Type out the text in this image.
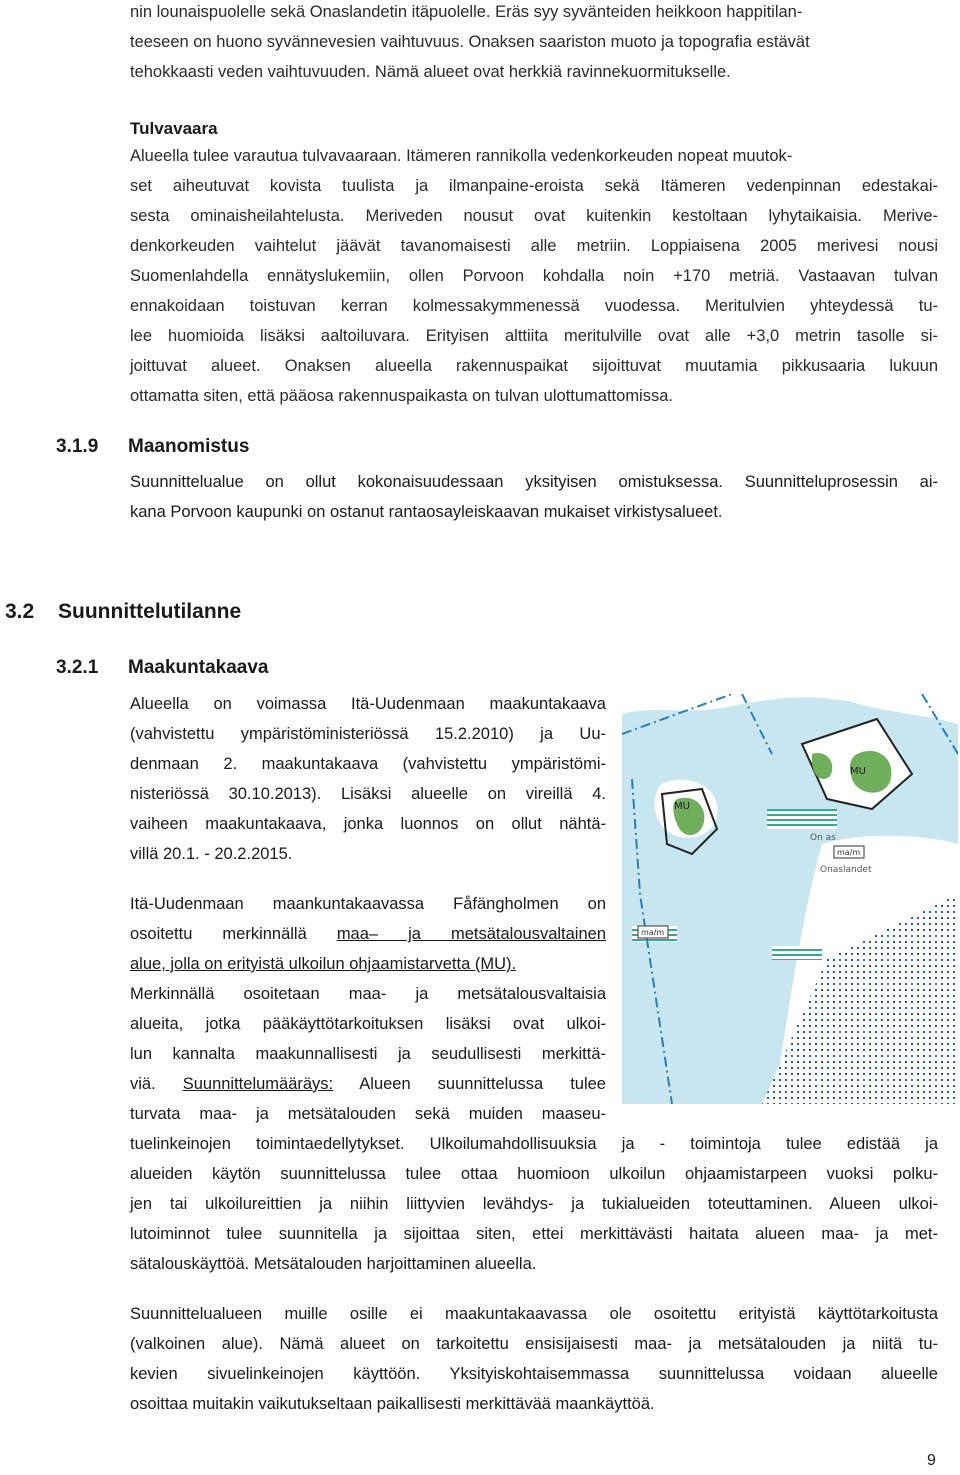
nin lounaispuolelle sekä Onaslandetin itäpuolelle. Eräs syy syvänteiden heikkoon happitilan-
teeseen on huono syvännevesien vaihtuvuus. Onaksen saariston muoto ja topografia estävät
tehokkaasti veden vaihtuvuuden. Nämä alueet ovat herkkiä ravinnekuormitukselle.
Tulvavaara
Alueella tulee varautua tulvavaaraan. Itämeren rannikolla vedenkorkeuden nopeat muutok-
set aiheutuvat kovista tuulista ja ilmanpaine-eroista sekä Itämeren vedenpinnan edestakai-
sesta ominaisheilahtelusta. Meriveden nousut ovat kuitenkin kestoltaan lyhytaikaisia. Merive-
denkorkeuden vaihtelut jäävät tavanomaisesti alle metriin. Loppiaisena 2005 merivesi nousi
Suomenlahdella ennätyslukemiin, ollen Porvoon kohdalla noin +170 metriä. Vastaavan tulvan
ennakoidaan toistuvan kerran kolmessakymmenessä vuodessa. Meritulvien yhteydessä tu-
lee huomioida lisäksi aaltoiluvara. Erityisen alttiita meritulville ovat alle +3,0 metrin tasolle si-
joittuvat alueet. Onaksen alueella rakennuspaikat sijoittuvat muutamia pikkusaaria lukuun
ottamatta siten, että pääosa rakennuspaikasta on tulvan ulottumattomissa.
3.1.9 Maanomistus
Suunnittelualue on ollut kokonaisuudessaan yksityisen omistuksessa. Suunnitteluprosessin ai-
kana Porvoon kaupunki on ostanut rantaosayleiskaavan mukaiset virkistysalueet.
3.2 Suunnittelutilanne
3.2.1 Maakuntakaava
Alueella on voimassa Itä-Uudenmaan maakuntakaava
(vahvistettu ympäristöministeriössä 15.2.2010) ja Uu-
denmaan 2. maakuntakaava (vahvistettu ympäristömi-
nisteriössä 30.10.2013). Lisäksi alueelle on vireillä 4.
vaiheen maakuntakaava, jonka luonnos on ollut nähtä-
villä 20.1. - 20.2.2015.
Itä-Uudenmaan maankuntakaavassa Fåfängholmen on
osoitettu merkinnällä maa– ja metsätalousvaltainen
alue, jolla on erityistä ulkoilun ohjaamistarvetta (MU).
Merkinnällä osoitetaan maa- ja metsätalousvaltaisia
alueita, jotka pääkäyttötarkoituksen lisäksi ovat ulkoi-
lun kannalta maakunnallisesti ja seudullisesti merkittä-
viä. Suunnittelumääräys: Alueen suunnittelussa tulee
turvata maa- ja metsätalouden sekä muiden maaseu-
tuelinkeinojen toimintaedellytykset. Ulkoilumahdollisuuksia ja - toimintoja tulee edistää ja
alueiden käytön suunnittelussa tulee ottaa huomioon ulkoilun ohjaamistarpeen vuoksi polku-
jen tai ulkoilureittien ja niihin liittyvien levähdys- ja tukialueiden toteuttaminen. Alueen ulkoi-
lutoiminnot tulee suunnitella ja sijoittaa siten, ettei merkittävästi haitata alueen maa- ja met-
sätalouskäyttöä. Metsätalouden harjoittaminen alueella.
Suunnittelualueen muille osille ei maakuntakaavassa ole osoitettu erityistä käyttötarkoitusta
(valkoinen alue). Nämä alueet on tarkoitettu ensisijaisesti maa- ja metsätalouden ja niitä tu-
kevien sivuelinkeinojen käyttöön. Yksityiskohtaisemmassa suunnittelussa voidaan alueelle
osoittaa muitakin vaikutukseltaan paikallisesti merkittävää maankäyttöä.
MU
MU
On as
Onaslandet
ma/m
ma/m
9
